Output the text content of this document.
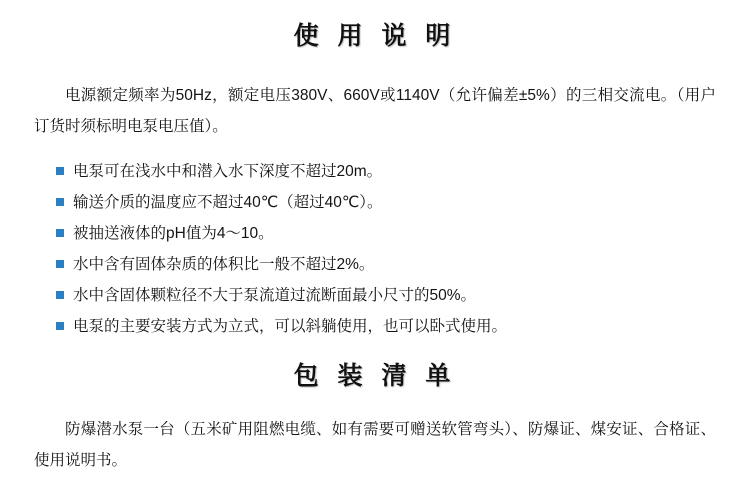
使 用 说 明

电源额定频率为50Hz，额定电压380V、660V或1140V（允许偏差±5%）的三相交流电。（用户订货时须标明电泵电压值）。

电泵可在浅水中和潜入水下深度不超过20m。
输送介质的温度应不超过40℃（超过40℃）。
被抽送液体的pH值为4～10。
水中含有固体杂质的体积比一般不超过2%。
水中含固体颗粒径不大于泵流道过流断面最小尺寸的50%。
电泵的主要安装方式为立式，可以斜躺使用，也可以卧式使用。
包 装 清 单

防爆潜水泵一台（五米矿用阻燃电缆、如有需要可赠送软管弯头）、防爆证、煤安证、合格证、使用说明书。
